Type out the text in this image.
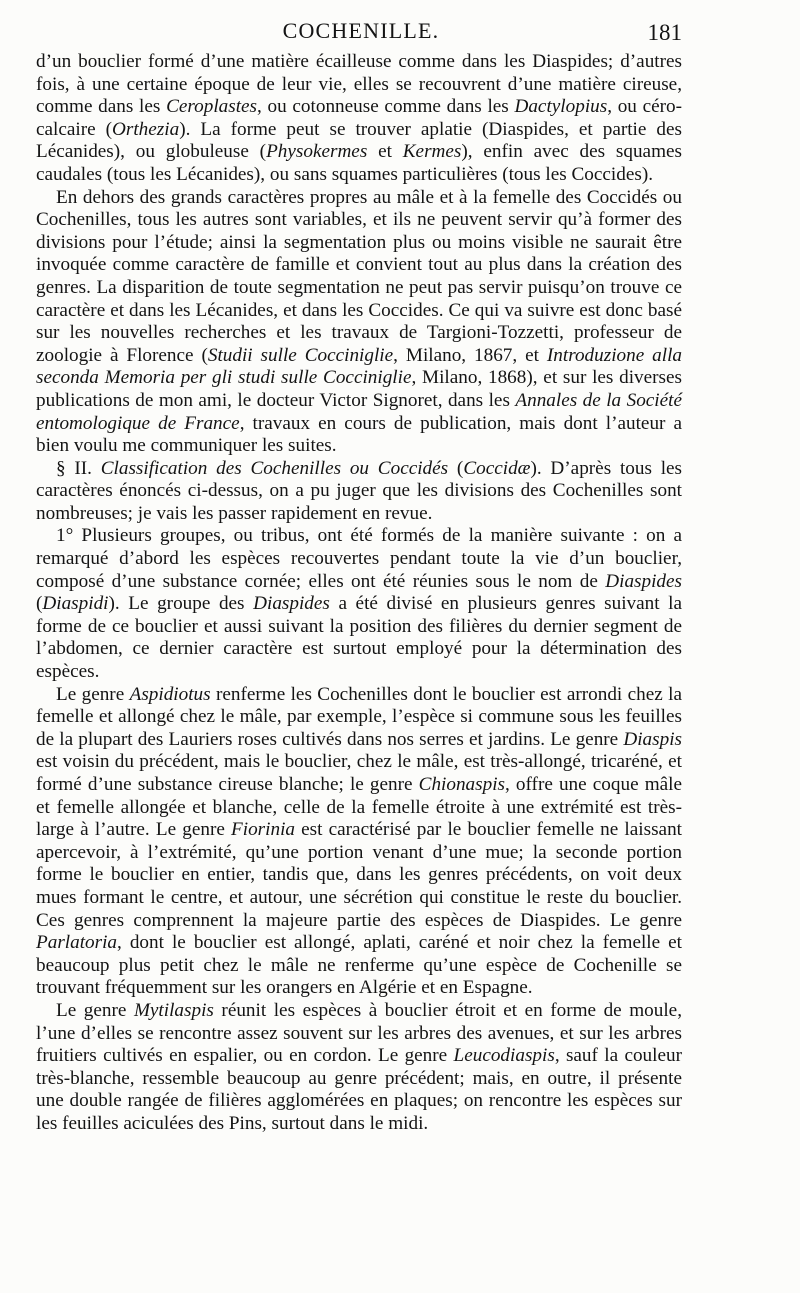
COCHENILLE.	181

d’un bouclier formé d’une matière écailleuse comme dans les Diaspides; d’autres fois, à une certaine époque de leur vie, elles se recouvrent d’une matière cireuse, comme dans les Ceroplastes, ou cotonneuse comme dans les Dactylopius, ou céro-calcaire (Orthezia). La forme peut se trouver aplatie (Diaspides, et partie des Lécanides), ou globuleuse (Physokermes et Kermes), enfin avec des squames caudales (tous les Lécanides), ou sans squames particulières (tous les Coccides).

En dehors des grands caractères propres au mâle et à la femelle des Coccidés ou Cochenilles, tous les autres sont variables, et ils ne peuvent servir qu’à former des divisions pour l’étude; ainsi la segmentation plus ou moins visible ne saurait être invoquée comme caractère de famille et convient tout au plus dans la création des genres. La disparition de toute segmentation ne peut pas servir puisqu’on trouve ce caractère et dans les Lécanides, et dans les Coccides. Ce qui va suivre est donc basé sur les nouvelles recherches et les travaux de Targioni-Tozzetti, professeur de zoologie à Florence (Studii sulle Cocciniglie, Milano, 1867, et Introduzione alla seconda Memoria per gli studi sulle Cocciniglie, Milano, 1868), et sur les diverses publications de mon ami, le docteur Victor Signoret, dans les Annales de la Société entomologique de France, travaux en cours de publication, mais dont l’auteur a bien voulu me communiquer les suites.

§ II. Classification des Cochenilles ou Coccidés (Coccidæ). D’après tous les caractères énoncés ci-dessus, on a pu juger que les divisions des Cochenilles sont nombreuses; je vais les passer rapidement en revue.

1° Plusieurs groupes, ou tribus, ont été formés de la manière suivante : on a remarqué d’abord les espèces recouvertes pendant toute la vie d’un bouclier, composé d’une substance cornée; elles ont été réunies sous le nom de Diaspides (Diaspidi). Le groupe des Diaspides a été divisé en plusieurs genres suivant la forme de ce bouclier et aussi suivant la position des filières du dernier segment de l’abdomen, ce dernier caractère est surtout employé pour la détermination des espèces.

Le genre Aspidiotus renferme les Cochenilles dont le bouclier est arrondi chez la femelle et allongé chez le mâle, par exemple, l’espèce si commune sous les feuilles de la plupart des Lauriers roses cultivés dans nos serres et jardins. Le genre Diaspis est voisin du précédent, mais le bouclier, chez le mâle, est très-allongé, tricaréné, et formé d’une substance cireuse blanche; le genre Chionaspis, offre une coque mâle et femelle allongée et blanche, celle de la femelle étroite à une extrémité est très-large à l’autre. Le genre Fiorinia est caractérisé par le bouclier femelle ne laissant apercevoir, à l’extrémité, qu’une portion venant d’une mue; la seconde portion forme le bouclier en entier, tandis que, dans les genres précédents, on voit deux mues formant le centre, et autour, une sécrétion qui constitue le reste du bouclier. Ces genres comprennent la majeure partie des espèces de Diaspides. Le genre Parlatoria, dont le bouclier est allongé, aplati, caréné et noir chez la femelle et beaucoup plus petit chez le mâle ne renferme qu’une espèce de Cochenille se trouvant fréquemment sur les orangers en Algérie et en Espagne.

Le genre Mytilaspis réunit les espèces à bouclier étroit et en forme de moule, l’une d’elles se rencontre assez souvent sur les arbres des avenues, et sur les arbres fruitiers cultivés en espalier, ou en cordon. Le genre Leucodiaspis, sauf la couleur très-blanche, ressemble beaucoup au genre précédent; mais, en outre, il présente une double rangée de filières agglomérées en plaques; on rencontre les espèces sur les feuilles aciculées des Pins, surtout dans le midi.
